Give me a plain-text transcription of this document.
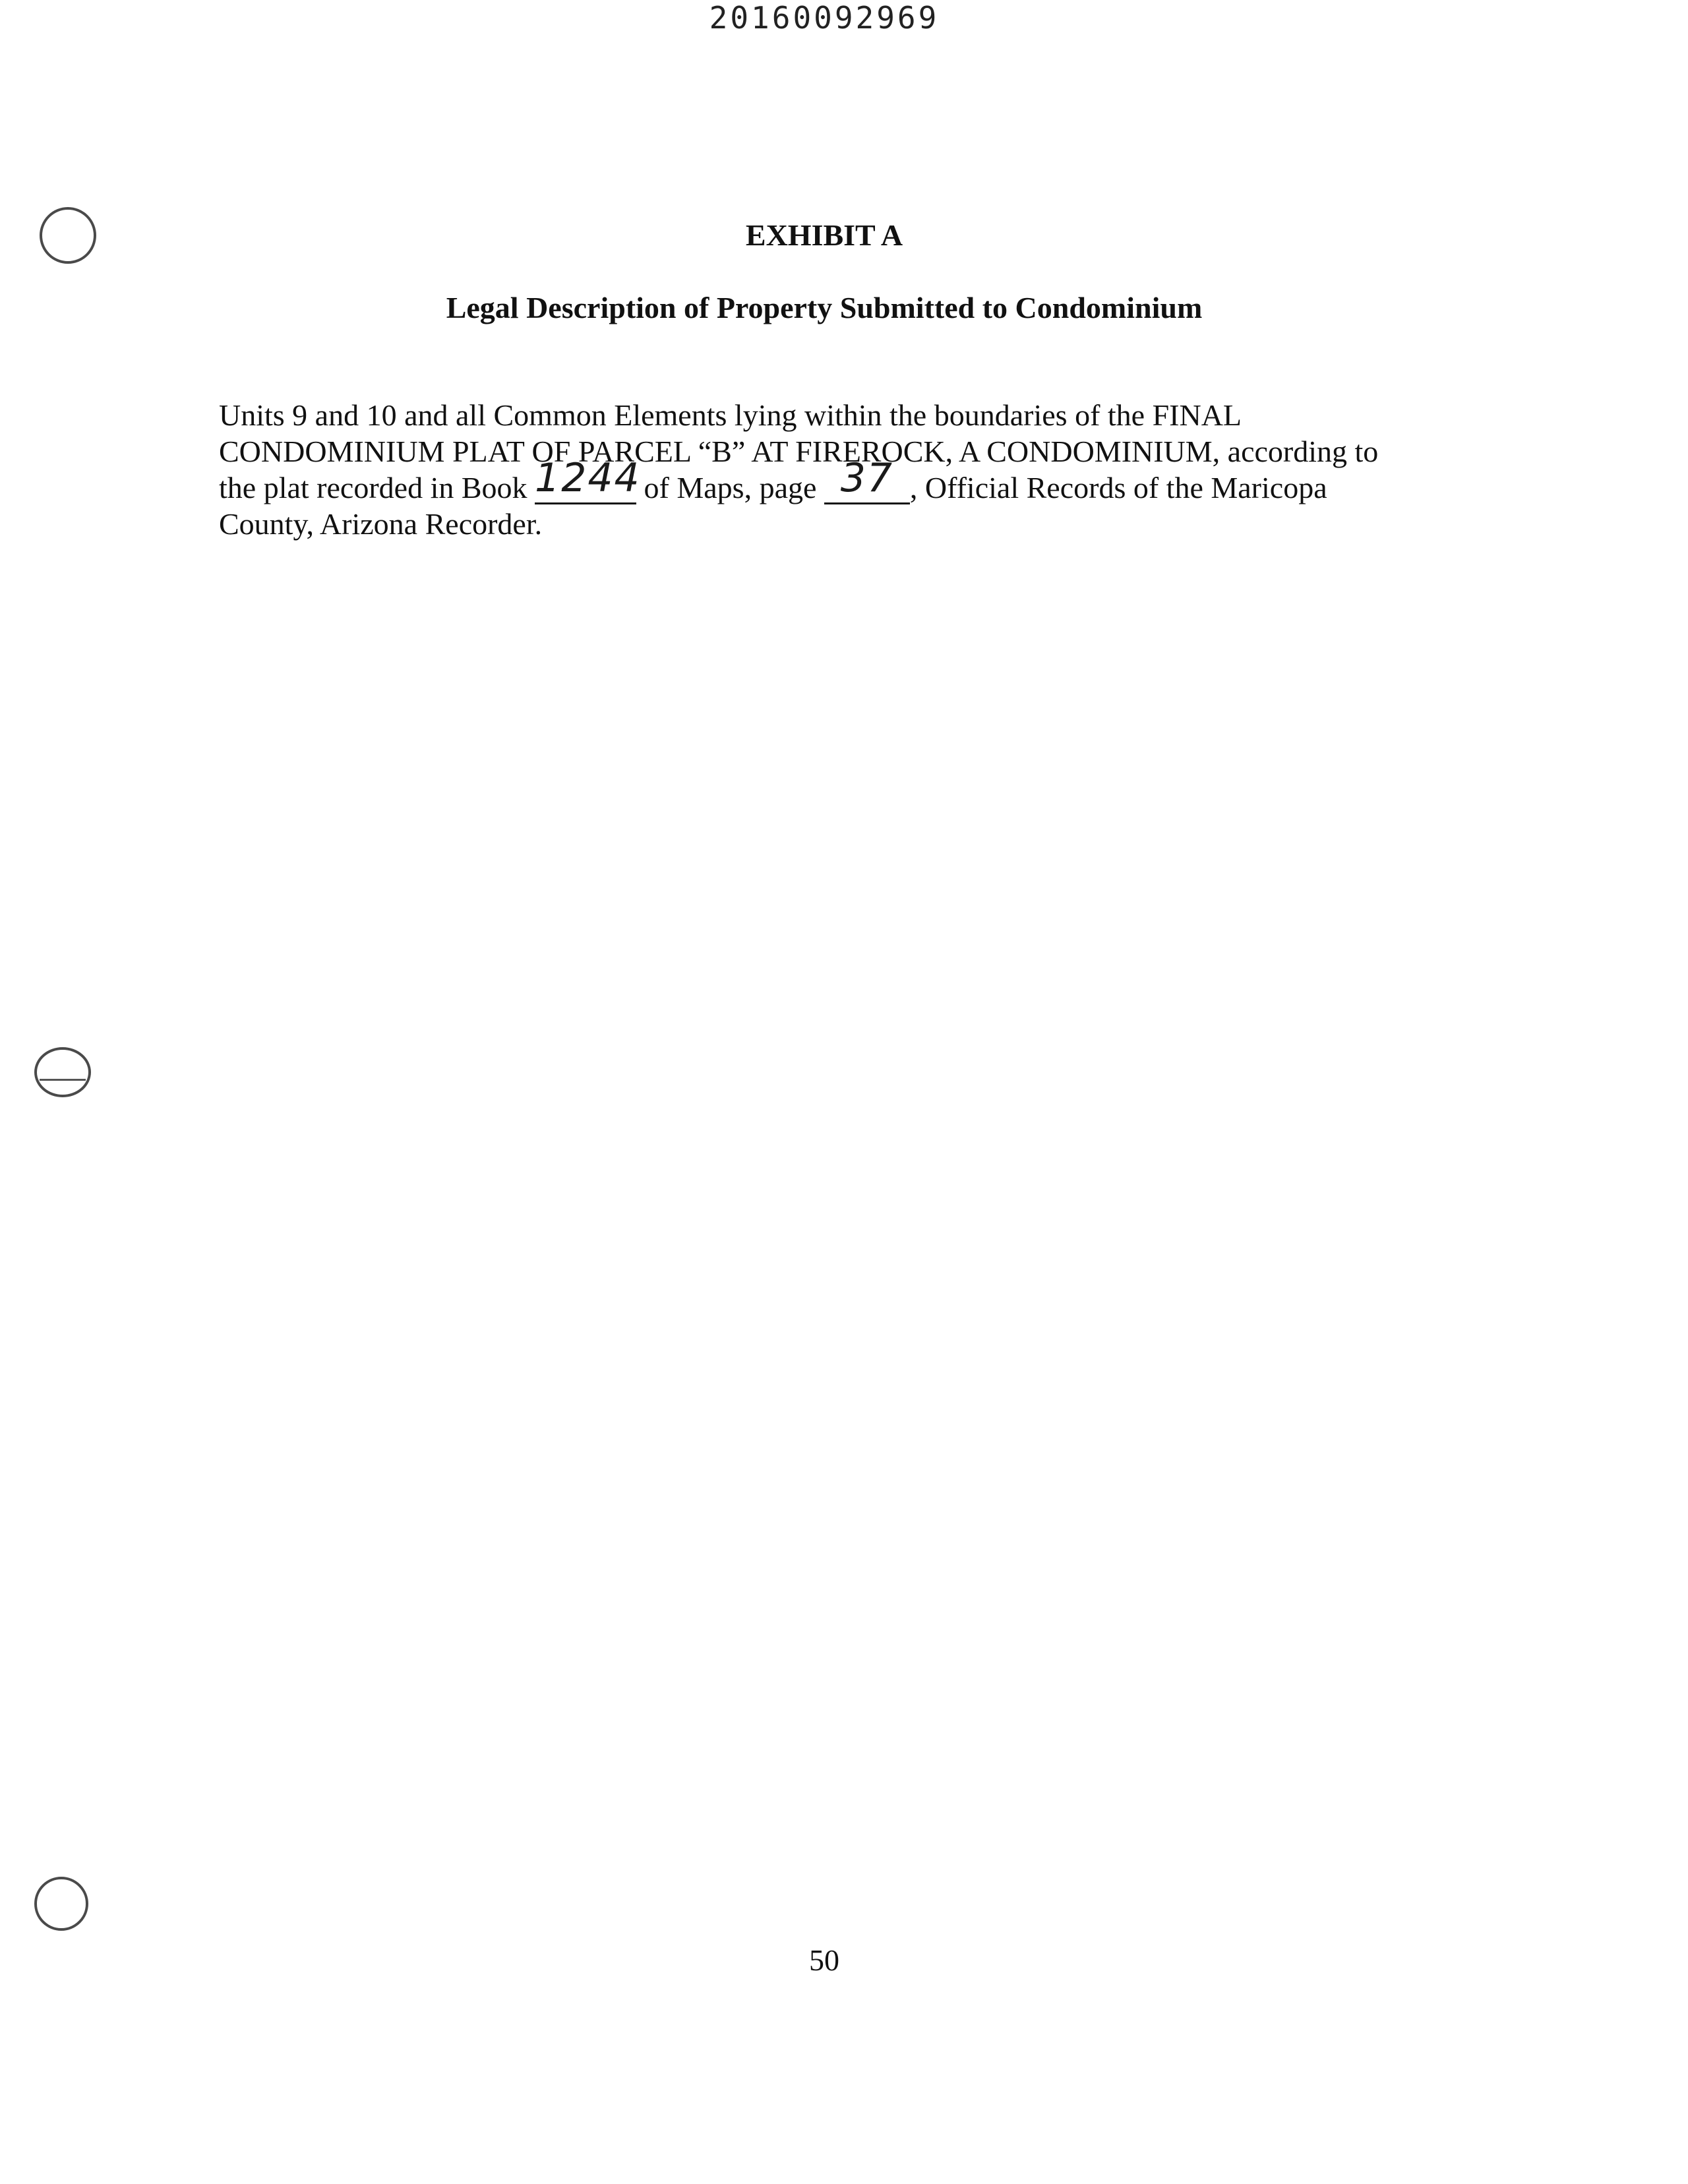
20160092969
EXHIBIT A
Legal Description of Property Submitted to Condominium
Units 9 and 10 and all Common Elements lying within the boundaries of the FINAL
CONDOMINIUM PLAT OF PARCEL “B” AT FIREROCK, A CONDOMINIUM, according to
the plat recorded in Book 1244 of Maps, page 37 , Official Records of the Maricopa
County, Arizona Recorder.
50
